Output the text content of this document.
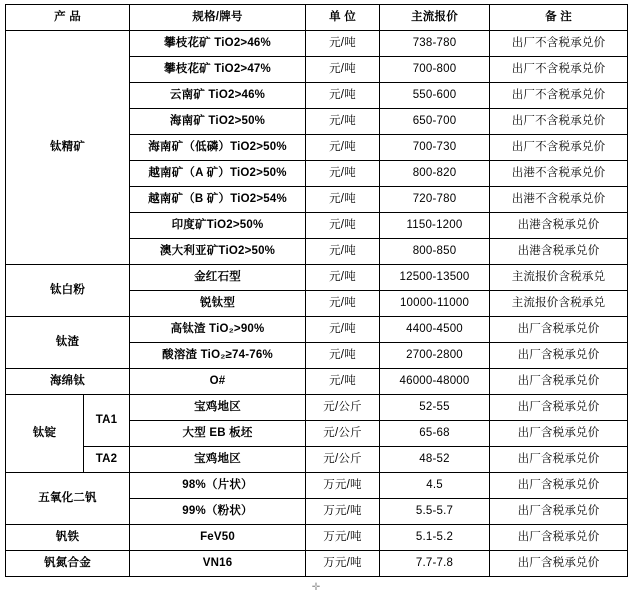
产 品		规格/牌号	单 位	主流报价	备 注
钛精矿		攀枝花矿 TiO2>46%	元/吨	738-780	出厂不含税承兑价
		攀枝花矿 TiO2>47%	元/吨	700-800	出厂不含税承兑价
		云南矿 TiO2>46%	元/吨	550-600	出厂不含税承兑价
		海南矿 TiO2>50%	元/吨	650-700	出厂不含税承兑价
		海南矿（低磷）TiO2>50%	元/吨	700-730	出厂不含税承兑价
		越南矿（A 矿）TiO2>50%	元/吨	800-820	出港不含税承兑价
		越南矿（B 矿）TiO2>54%	元/吨	720-780	出港不含税承兑价
		印度矿TiO2>50%	元/吨	1150-1200	出港含税承兑价
		澳大利亚矿TiO2>50%	元/吨	800-850	出港含税承兑价
钛白粉		金红石型	元/吨	12500-13500	主流报价含税承兑
		锐钛型	元/吨	10000-11000	主流报价含税承兑
钛渣		高钛渣 TiO₂>90%	元/吨	4400-4500	出厂含税承兑价
		酸溶渣 TiO₂≥74-76%	元/吨	2700-2800	出厂含税承兑价
海绵钛		O#	元/吨	46000-48000	出厂含税承兑价
钛锭	TA1	宝鸡地区	元/公斤	52-55	出厂含税承兑价
		大型 EB 板坯	元/公斤	65-68	出厂含税承兑价
	TA2	宝鸡地区	元/公斤	48-52	出厂含税承兑价
五氧化二钒		98%（片状）	万元/吨	4.5	出厂含税承兑价
		99%（粉状）	万元/吨	5.5-5.7	出厂含税承兑价
钒铁		FeV50	万元/吨	5.1-5.2	出厂含税承兑价
钒氮合金		VN16	万元/吨	7.7-7.8	出厂含税承兑价
✛
